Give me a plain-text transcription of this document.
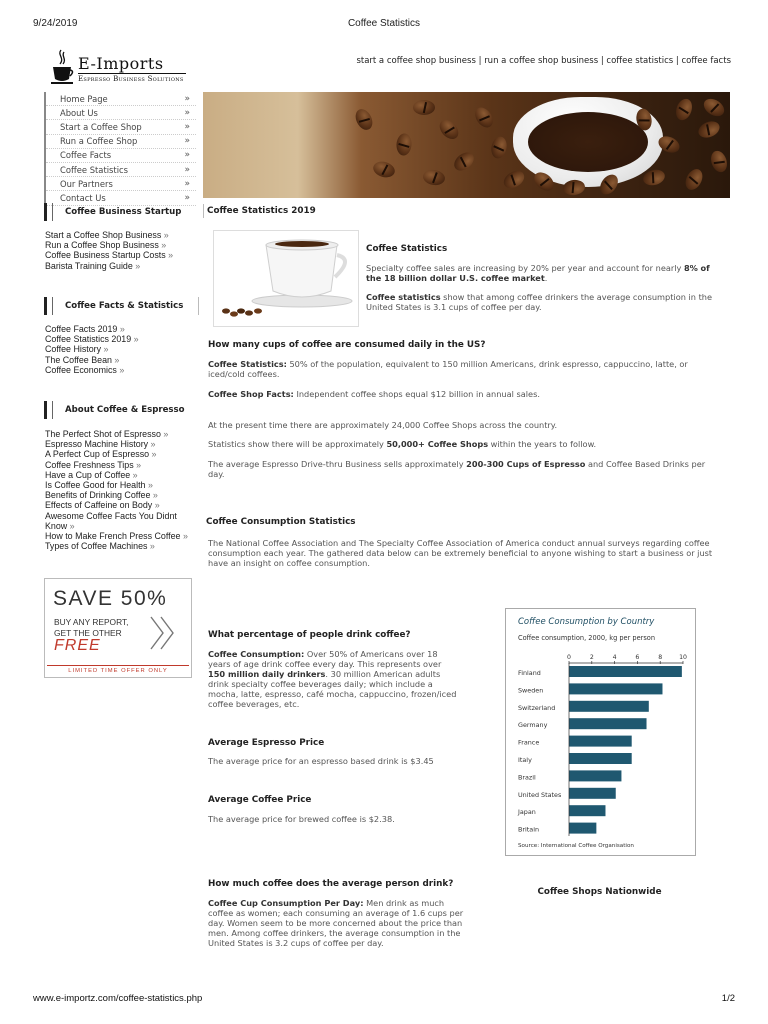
9/24/2019	Coffee Statistics
E-Imports
Espresso Business Solutions
start a coffee shop business | run a coffee shop business | coffee statistics | coffee facts
Home Page	»
About Us	»
Start a Coffee Shop	»
Run a Coffee Shop	»
Coffee Facts	»
Coffee Statistics	»
Our Partners	»
Contact Us	»
Coffee Business Startup
Start a Coffee Shop Business »
Run a Coffee Shop Business »
Coffee Business Startup Costs »
Barista Training Guide »
Coffee Facts & Statistics
Coffee Facts 2019 »
Coffee Statistics 2019 »
Coffee History »
The Coffee Bean »
Coffee Economics »
About Coffee & Espresso
The Perfect Shot of Espresso »
Espresso Machine History »
A Perfect Cup of Espresso »
Coffee Freshness Tips »
Have a Cup of Coffee »
Is Coffee Good for Health »
Benefits of Drinking Coffee »
Effects of Caffeine on Body »
Awesome Coffee Facts You Didnt Know »
How to Make French Press Coffee »
Types of Coffee Machines »
SAVE 50%
BUY ANY REPORT,
GET THE OTHER
FREE
LIMITED TIME OFFER ONLY
Coffee Statistics 2019
Coffee Statistics
Specialty coffee sales are increasing by 20% per year and account for nearly 8% of the 18 billion dollar U.S. coffee market.
Coffee statistics show that among coffee drinkers the average consumption in the United States is 3.1 cups of coffee per day.
How many cups of coffee are consumed daily in the US?
Coffee Statistics: 50% of the population, equivalent to 150 million Americans, drink espresso, cappuccino, latte, or iced/cold coffees.
Coffee Shop Facts: Independent coffee shops equal $12 billion in annual sales.
At the present time there are approximately 24,000 Coffee Shops across the country.
Statistics show there will be approximately 50,000+ Coffee Shops within the years to follow.
The average Espresso Drive-thru Business sells approximately 200-300 Cups of Espresso and Coffee Based Drinks per day.
Coffee Consumption Statistics
The National Coffee Association and The Specialty Coffee Association of America conduct annual surveys regarding coffee consumption each year. The gathered data below can be extremely beneficial to anyone wishing to start a business or just have an insight on coffee consumption.
What percentage of people drink coffee?
Coffee Consumption: Over 50% of Americans over 18 years of age drink coffee every day. This represents over 150 million daily drinkers. 30 million American adults drink specialty coffee beverages daily; which include a mocha, latte, espresso, café mocha, cappuccino, frozen/iced coffee beverages, etc.
Average Espresso Price
The average price for an espresso based drink is $3.45
Average Coffee Price
The average price for brewed coffee is $2.38.
How much coffee does the average person drink?
Coffee Cup Consumption Per Day: Men drink as much coffee as women; each consuming an average of 1.6 cups per day. Women seem to be more concerned about the price than men. Among coffee drinkers, the average consumption in the United States is 3.2 cups of coffee per day.
Coffee Shops Nationwide
Coffee Consumption by Country
Coffee consumption, 2000, kg per person
0	2	4	6	8	10
Finland
Sweden
Switzerland
Germany
France
Italy
Brazil
United States
Japan
Britain
Source: International Coffee Organisation
www.e-importz.com/coffee-statistics.php	1/2
